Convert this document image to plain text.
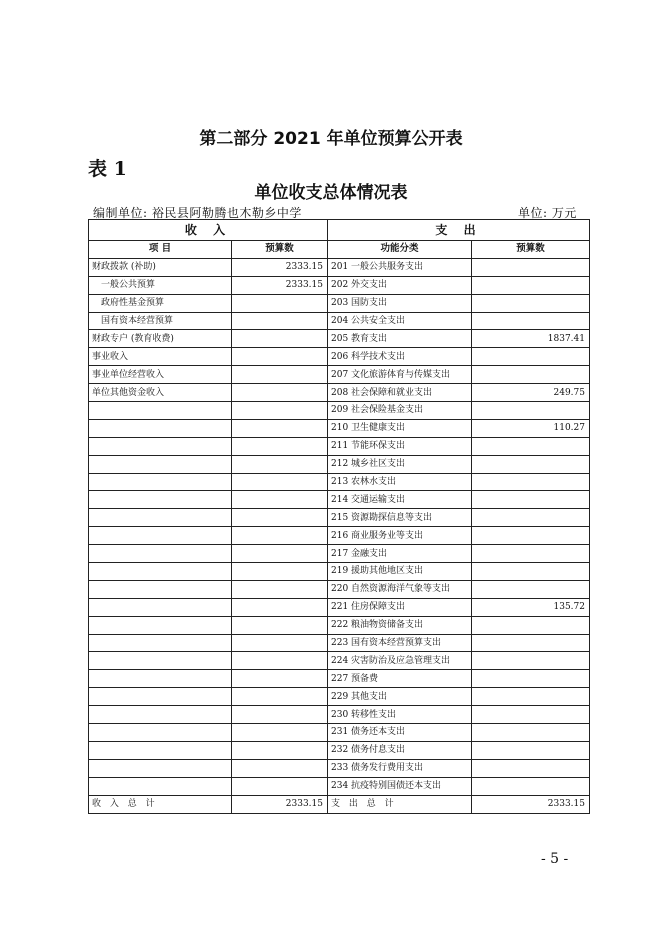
第二部分 2021 年单位预算公开表
表 1
单位收支总体情况表
编制单位: 裕民县阿勒腾也木勒乡中学	单位: 万元
收 入		支 出	
项 目	预算数	功能分类	预算数
财政拨款 (补助)	2333.15	201 一般公共服务支出	
一般公共预算	2333.15	202 外交支出	
政府性基金预算		203 国防支出	
国有资本经营预算		204 公共安全支出	
财政专户 (教育收费)		205 教育支出	1837.41
事业收入		206 科学技术支出	
事业单位经营收入		207 文化旅游体育与传媒支出	
单位其他资金收入		208 社会保障和就业支出	249.75
		209 社会保险基金支出	
		210 卫生健康支出	110.27
		211 节能环保支出	
		212 城乡社区支出	
		213 农林水支出	
		214 交通运输支出	
		215 资源勘探信息等支出	
		216 商业服务业等支出	
		217 金融支出	
		219 援助其他地区支出	
		220 自然资源海洋气象等支出	
		221 住房保障支出	135.72
		222 粮油物资储备支出	
		223 国有资本经营预算支出	
		224 灾害防治及应急管理支出	
		227 预备费	
		229 其他支出	
		230 转移性支出	
		231 债务还本支出	
		232 债务付息支出	
		233 债务发行费用支出	
		234 抗疫特别国债还本支出	
收 入 总 计	2333.15	支 出 总 计	2333.15
- 5 -
